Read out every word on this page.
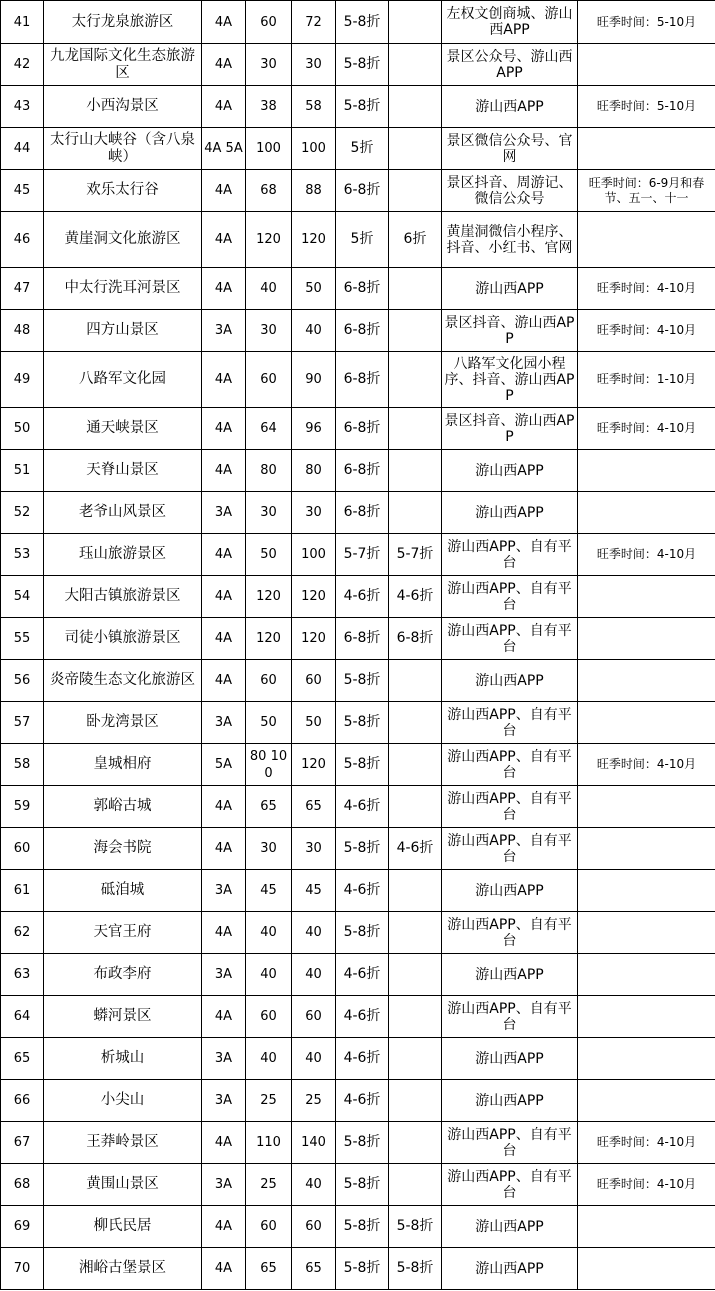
41	太行龙泉旅游区	4A	60	72	5-8折		左权文创商城、游山西APP	旺季时间：5-10月
42	九龙国际文化生态旅游区	4A	30	30	5-8折		景区公众号、游山西APP	
43	小西沟景区	4A	38	58	5-8折		游山西APP	旺季时间：5-10月
44	太行山大峡谷（含八泉峡）	4A 5A	100	100	5折		景区微信公众号、官网	
45	欢乐太行谷	4A	68	88	6-8折		景区抖音、周游记、微信公众号	旺季时间：6-9月和春节、五一、十一
46	黄崖洞文化旅游区	4A	120	120	5折	6折	黄崖洞微信小程序、抖音、小红书、官网	
47	中太行洗耳河景区	4A	40	50	6-8折		游山西APP	旺季时间：4-10月
48	四方山景区	3A	30	40	6-8折		景区抖音、游山西APP	旺季时间：4-10月
49	八路军文化园	4A	60	90	6-8折		八路军文化园小程序、抖音、游山西APP	旺季时间：1-10月
50	通天峡景区	4A	64	96	6-8折		景区抖音、游山西APP	旺季时间：4-10月
51	天脊山景区	4A	80	80	6-8折		游山西APP	
52	老爷山风景区	3A	30	30	6-8折		游山西APP	
53	珏山旅游景区	4A	50	100	5-7折	5-7折	游山西APP、自有平台	旺季时间：4-10月
54	大阳古镇旅游景区	4A	120	120	4-6折	4-6折	游山西APP、自有平台	
55	司徒小镇旅游景区	4A	120	120	6-8折	6-8折	游山西APP、自有平台	
56	炎帝陵生态文化旅游区	4A	60	60	5-8折		游山西APP	
57	卧龙湾景区	3A	50	50	5-8折		游山西APP、自有平台	
58	皇城相府	5A	80 100	120	5-8折		游山西APP、自有平台	旺季时间：4-10月
59	郭峪古城	4A	65	65	4-6折		游山西APP、自有平台	
60	海会书院	4A	30	30	5-8折	4-6折	游山西APP、自有平台	
61	砥洎城	3A	45	45	4-6折		游山西APP	
62	天官王府	4A	40	40	5-8折		游山西APP、自有平台	
63	布政李府	3A	40	40	4-6折		游山西APP	
64	蟒河景区	4A	60	60	4-6折		游山西APP、自有平台	
65	析城山	3A	40	40	4-6折		游山西APP	
66	小尖山	3A	25	25	4-6折		游山西APP	
67	王莽岭景区	4A	110	140	5-8折		游山西APP、自有平台	旺季时间：4-10月
68	黄围山景区	3A	25	40	5-8折		游山西APP、自有平台	旺季时间：4-10月
69	柳氏民居	4A	60	60	5-8折	5-8折	游山西APP	
70	湘峪古堡景区	4A	65	65	5-8折	5-8折	游山西APP	
